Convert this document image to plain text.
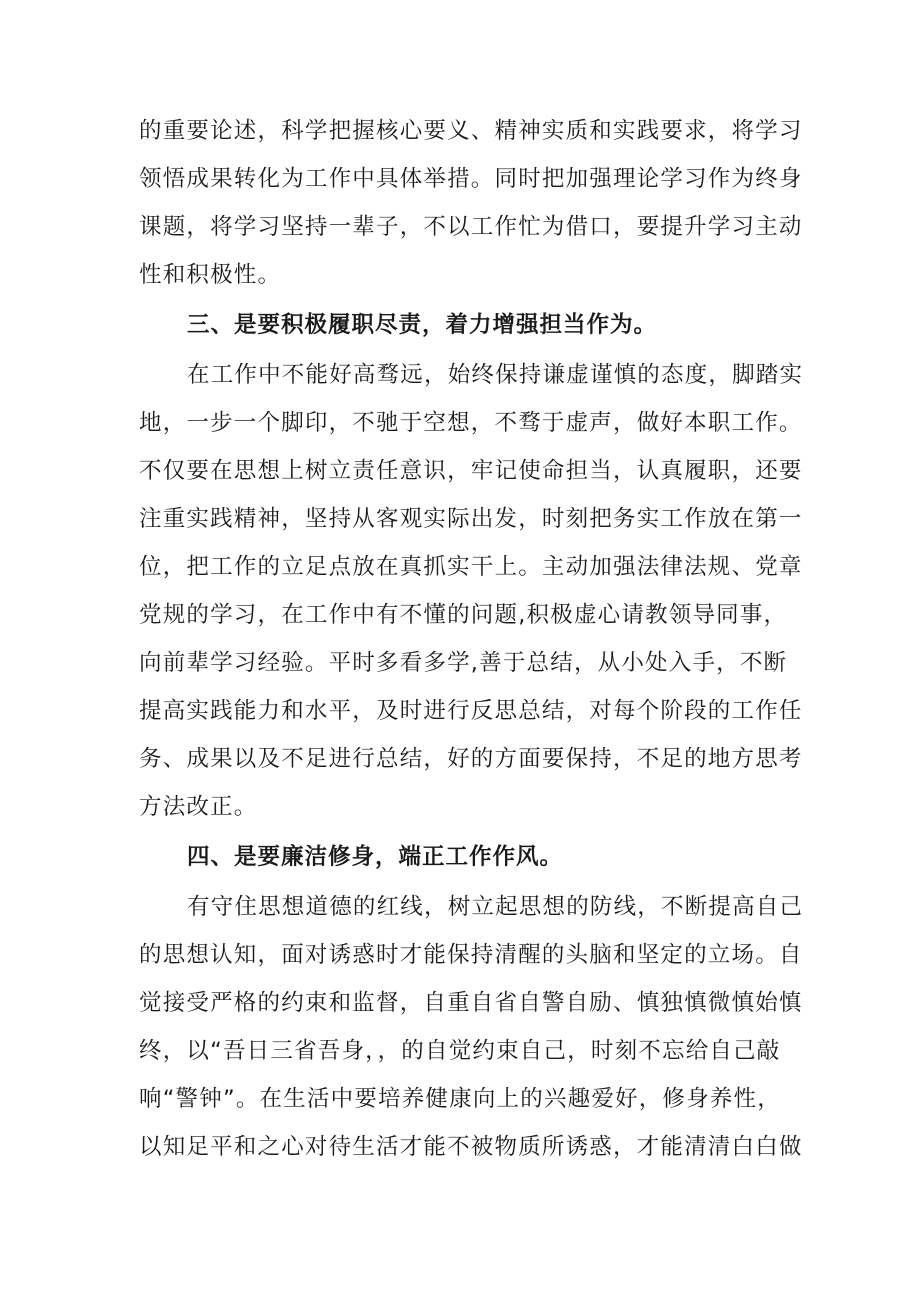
的重要论述，科学把握核心要义、精神实质和实践要求，将学习
领悟成果转化为工作中具体举措。同时把加强理论学习作为终身
课题，将学习坚持一辈子，不以工作忙为借口，要提升学习主动
性和积极性。
三、是要积极履职尽责，着力增强担当作为。
在工作中不能好高骛远，始终保持谦虚谨慎的态度，脚踏实
地，一步一个脚印，不驰于空想，不骛于虚声，做好本职工作。
不仅要在思想上树立责任意识，牢记使命担当，认真履职，还要
注重实践精神，坚持从客观实际出发，时刻把务实工作放在第一
位，把工作的立足点放在真抓实干上。主动加强法律法规、党章
党规的学习，在工作中有不懂的问题,积极虚心请教领导同事，
向前辈学习经验。平时多看多学,善于总结，从小处入手，不断
提高实践能力和水平，及时进行反思总结，对每个阶段的工作任
务、成果以及不足进行总结，好的方面要保持，不足的地方思考
方法改正。
四、是要廉洁修身，端正工作作风。
有守住思想道德的红线，树立起思想的防线，不断提高自己
的思想认知，面对诱惑时才能保持清醒的头脑和坚定的立场。自
觉接受严格的约束和监督，自重自省自警自励、慎独慎微慎始慎
终，以“吾日三省吾身，，的自觉约束自己，时刻不忘给自己敲
响“警钟”。在生活中要培养健康向上的兴趣爱好，修身养性，
以知足平和之心对待生活才能不被物质所诱惑，才能清清白白做
